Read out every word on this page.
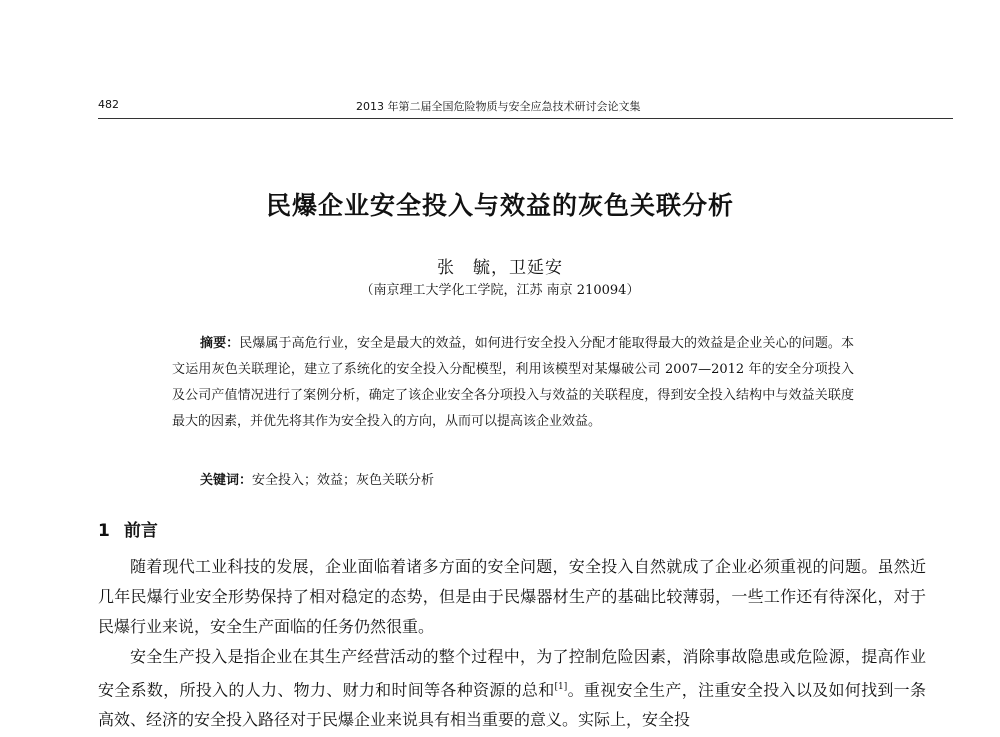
482	2013 年第二届全国危险物质与安全应急技术研讨会论文集
民爆企业安全投入与效益的灰色关联分析
张　毓，卫延安
（南京理工大学化工学院，江苏 南京 210094）
摘要：民爆属于高危行业，安全是最大的效益，如何进行安全投入分配才能取得最大的效益是企业关心的问题。本文运用灰色关联理论，建立了系统化的安全投入分配模型，利用该模型对某爆破公司 2007—2012 年的安全分项投入及公司产值情况进行了案例分析，确定了该企业安全各分项投入与效益的关联程度，得到安全投入结构中与效益关联度最大的因素，并优先将其作为安全投入的方向，从而可以提高该企业效益。
关键词：安全投入；效益；灰色关联分析
1 前言

随着现代工业科技的发展，企业面临着诸多方面的安全问题，安全投入自然就成了企业必须重视的问题。虽然近几年民爆行业安全形势保持了相对稳定的态势，但是由于民爆器材生产的基础比较薄弱，一些工作还有待深化，对于民爆行业来说，安全生产面临的任务仍然很重。

安全生产投入是指企业在其生产经营活动的整个过程中，为了控制危险因素，消除事故隐患或危险源，提高作业安全系数，所投入的人力、物力、财力和时间等各种资源的总和[1]。重视安全生产，注重安全投入以及如何找到一条高效、经济的安全投入路径对于民爆企业来说具有相当重要的意义。实际上，安全投
